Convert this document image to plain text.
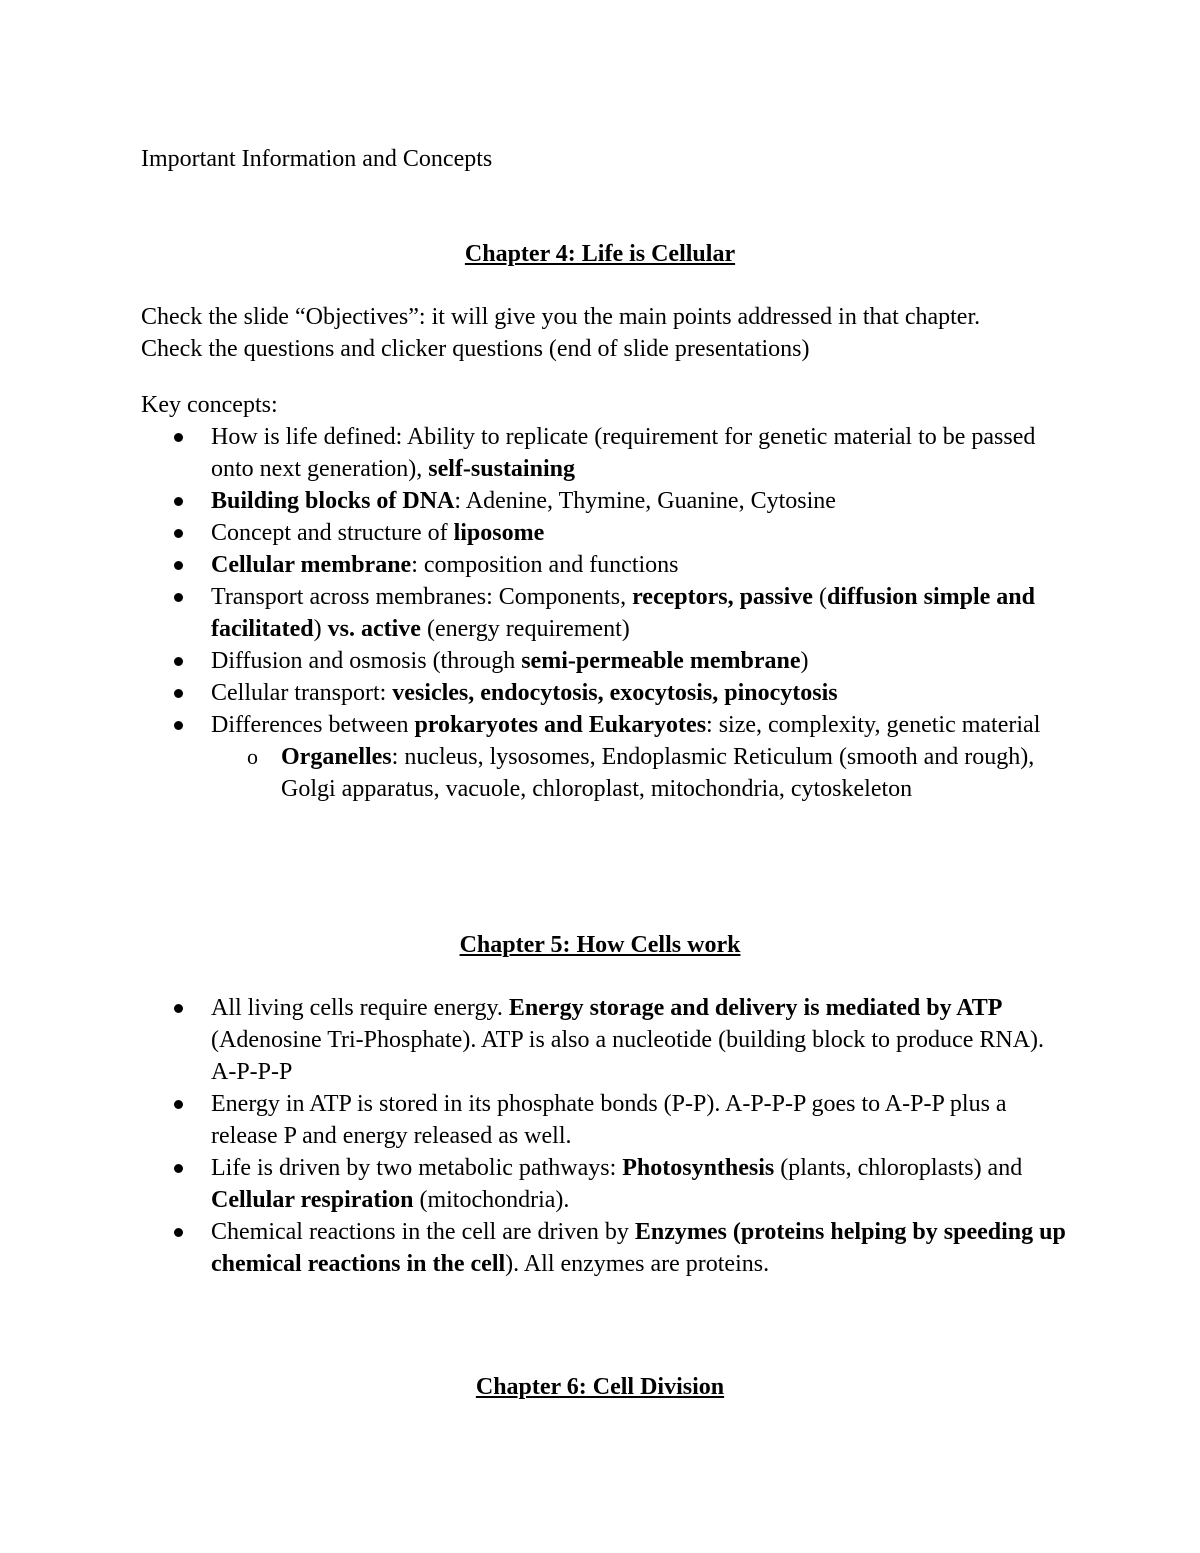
Important Information and Concepts

Chapter 4: Life is Cellular

Check the slide “Objectives”: it will give you the main points addressed in that chapter. Check the questions and clicker questions (end of slide presentations)

Key concepts:

How is life defined: Ability to replicate (requirement for genetic material to be passed onto next generation), self-sustaining
Building blocks of DNA: Adenine, Thymine, Guanine, Cytosine
Concept and structure of liposome
Cellular membrane: composition and functions
Transport across membranes: Components, receptors, passive (diffusion simple and facilitated) vs. active (energy requirement)
Diffusion and osmosis (through semi-permeable membrane)
Cellular transport: vesicles, endocytosis, exocytosis, pinocytosis
Differences between prokaryotes and Eukaryotes: size, complexity, genetic material
o Organelles: nucleus, lysosomes, Endoplasmic Reticulum (smooth and rough), Golgi apparatus, vacuole, chloroplast, mitochondria, cytoskeleton
Chapter 5: How Cells work
All living cells require energy. Energy storage and delivery is mediated by ATP (Adenosine Tri-Phosphate). ATP is also a nucleotide (building block to produce RNA). A-P-P-P
Energy in ATP is stored in its phosphate bonds (P-P). A-P-P-P goes to A-P-P plus a release P and energy released as well.
Life is driven by two metabolic pathways: Photosynthesis (plants, chloroplasts) and Cellular respiration (mitochondria).
Chemical reactions in the cell are driven by Enzymes (proteins helping by speeding up chemical reactions in the cell). All enzymes are proteins.
Chapter 6: Cell Division
